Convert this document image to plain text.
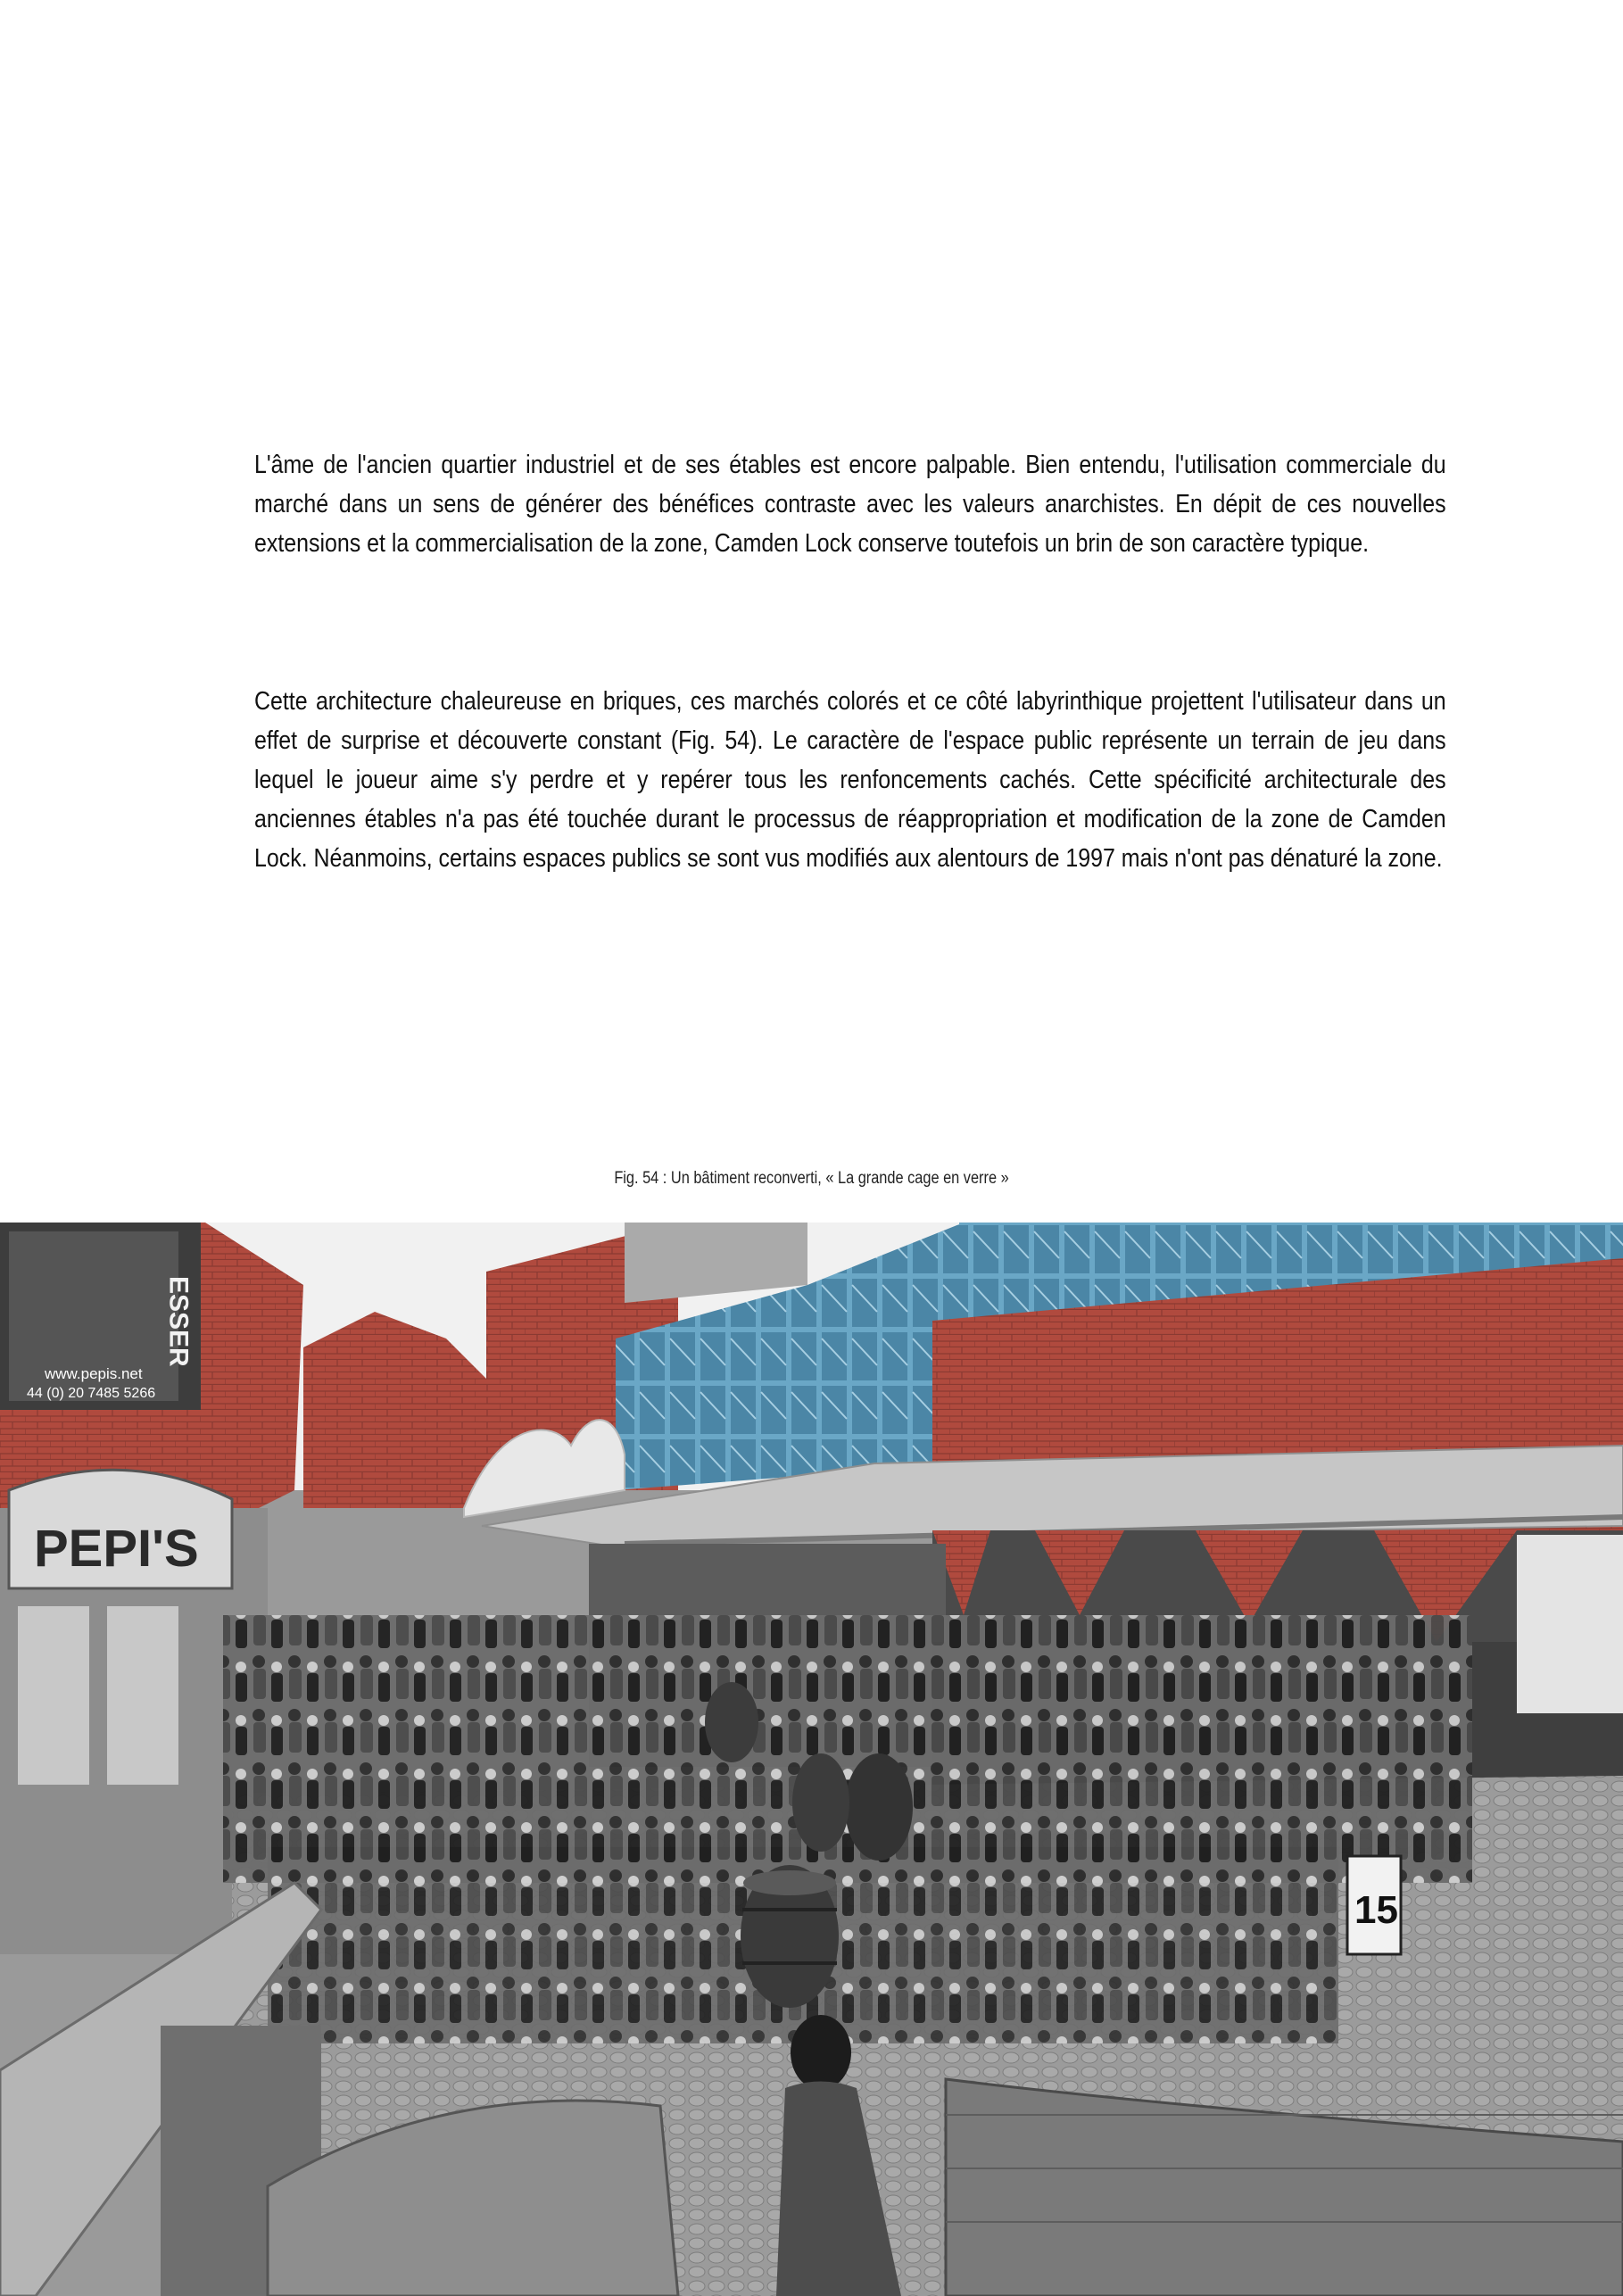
L'âme de l'ancien quartier industriel et de ses étables est encore palpable. Bien entendu, l'utilisation commerciale du marché dans un sens de générer des bénéfices contraste avec les valeurs anarchistes. En dépit de ces nouvelles extensions et la commercialisation de la zone, Camden Lock conserve toutefois un brin de son caractère typique.

Cette architecture chaleureuse en briques, ces marchés colorés et ce côté labyrinthique projettent l'utilisateur dans un effet de surprise et découverte constant (Fig. 54). Le caractère de l'espace public représente un terrain de jeu dans lequel le joueur aime s'y perdre et y repérer tous les renfoncements cachés. Cette spécificité architecturale des anciennes étables n'a pas été touchée durant le processus de réappropriation et modification de la zone de Camden Lock. Néanmoins, certains espaces publics se sont vus modifiés aux alentours de 1997 mais n'ont pas dénaturé la zone.

Fig. 54 : Un bâtiment reconverti, « La grande cage en verre »
ESSER
www.pepis.net
44 (0) 20 7485 5266
PEPI'S
15
